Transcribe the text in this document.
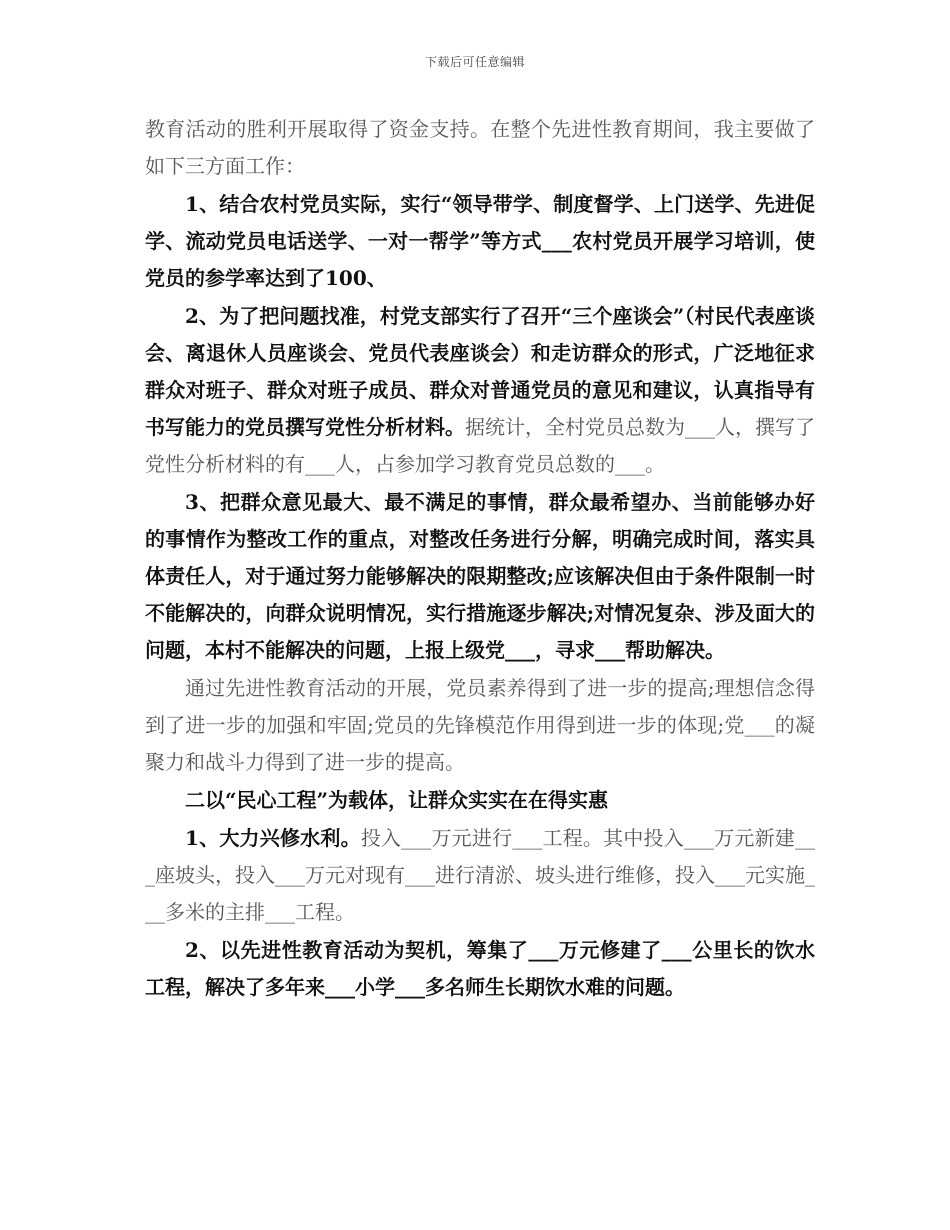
下载后可任意编辑

教育活动的胜利开展取得了资金支持。在整个先进性教育期间，我主要做了如下三方面工作：

1、结合农村党员实际，实行“领导带学、制度督学、上门送学、先进促学、流动党员电话送学、一对一帮学”等方式___农村党员开展学习培训，使党员的参学率达到了100、

2、为了把问题找准，村党支部实行了召开“三个座谈会”（村民代表座谈会、离退休人员座谈会、党员代表座谈会）和走访群众的形式，广泛地征求群众对班子、群众对班子成员、群众对普通党员的意见和建议，认真指导有书写能力的党员撰写党性分析材料。据统计，全村党员总数为___人，撰写了党性分析材料的有___人，占参加学习教育党员总数的___。

3、把群众意见最大、最不满足的事情，群众最希望办、当前能够办好的事情作为整改工作的重点，对整改任务进行分解，明确完成时间，落实具体责任人，对于通过努力能够解决的限期整改;应该解决但由于条件限制一时不能解决的，向群众说明情况，实行措施逐步解决;对情况复杂、涉及面大的问题，本村不能解决的问题，上报上级党___，寻求___帮助解决。

通过先进性教育活动的开展，党员素养得到了进一步的提高;理想信念得到了进一步的加强和牢固;党员的先锋模范作用得到进一步的体现;党___的凝聚力和战斗力得到了进一步的提高。

二以“民心工程”为载体，让群众实实在在得实惠

1、大力兴修水利。投入___万元进行___工程。其中投入___万元新建___座坡头，投入___万元对现有___进行清淤、坡头进行维修，投入___元实施___多米的主排___工程。

2、以先进性教育活动为契机，筹集了___万元修建了___公里长的饮水工程，解决了多年来___小学___多名师生长期饮水难的问题。
